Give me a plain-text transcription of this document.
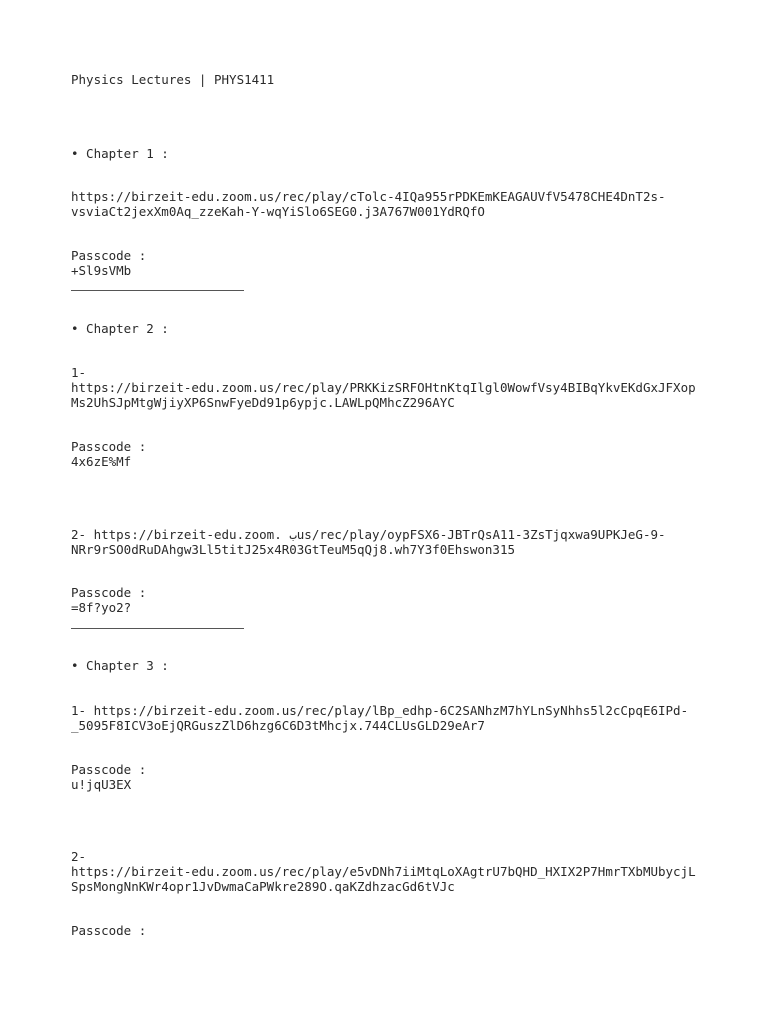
Physics Lectures | PHYS1411
• Chapter 1 :
https://birzeit-edu.zoom.us/rec/play/cTolc-4IQa955rPDKEmKEAGAUVfV5478CHE4DnT2s-
vsviaCt2jexXm0Aq_zzeKah-Y-wqYiSlo6SEG0.j3A767W001YdRQfO
Passcode :
+Sl9sVMb
• Chapter 2 :
1-
https://birzeit-edu.zoom.us/rec/play/PRKKizSRFOHtnKtqIlgl0WowfVsy4BIBqYkvEKdGxJFXop
Ms2UhSJpMtgWjiyXP6SnwFyeDd91p6ypjc.LAWLpQMhcZ296AYC
Passcode :
4x6zE%Mf
2- https://birzeit-edu.zoom. بus/rec/play/oypFSX6-JBTrQsA11-3ZsTjqxwa9UPKJeG-9-
NRr9rSO0dRuDAhgw3Ll5titJ25x4R03GtTeuM5qQj8.wh7Y3f0Ehswon315
Passcode :
=8f?yo2?
• Chapter 3 :
1- https://birzeit-edu.zoom.us/rec/play/lBp_edhp-6C2SANhzM7hYLnSyNhhs5l2cCpqE6IPd-
_5095F8ICV3oEjQRGuszZlD6hzg6C6D3tMhcjx.744CLUsGLD29eAr7
Passcode :
u!jqU3EX
2-
https://birzeit-edu.zoom.us/rec/play/e5vDNh7iiMtqLoXAgtrU7bQHD_HXIX2P7HmrTXbMUbycjL
SpsMongNnKWr4opr1JvDwmaCaPWkre289O.qaKZdhzacGd6tVJc
Passcode :
